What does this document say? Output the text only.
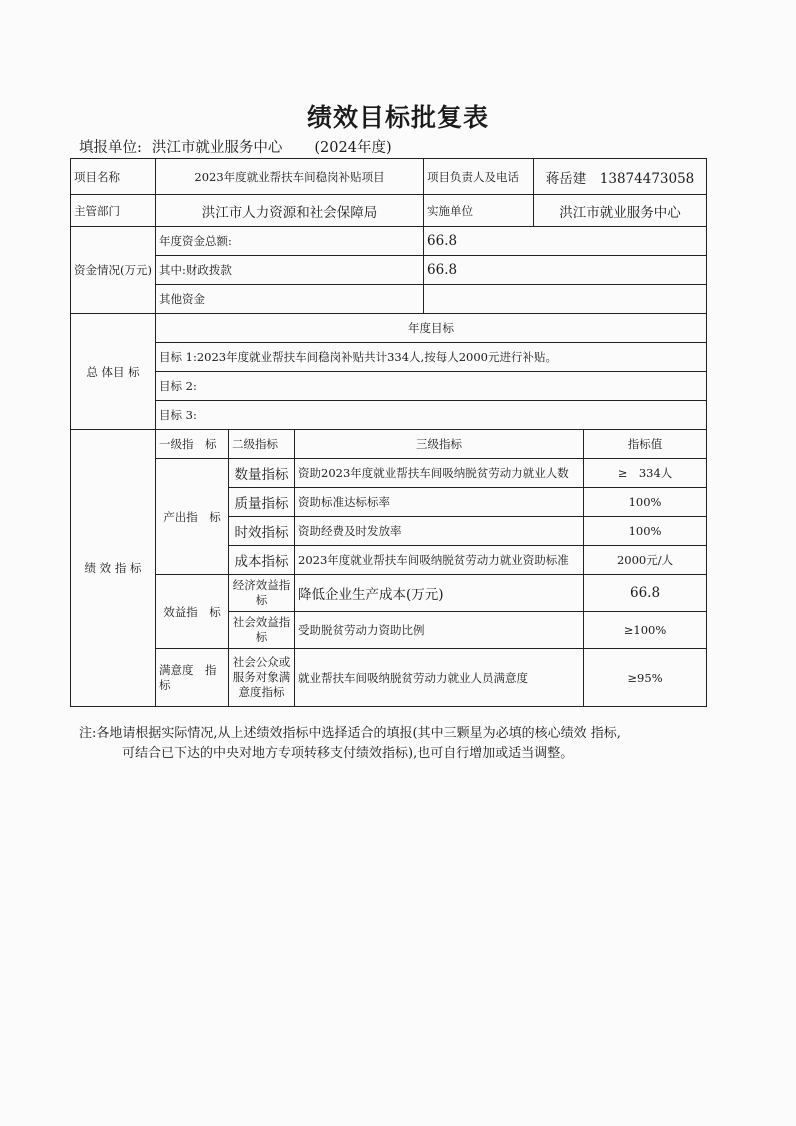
绩效目标批复表
填报单位: 洪江市就业服务中心 (2024年度)
项目名称	2023年度就业帮扶车间稳岗补贴项目			项目负责人及电话	蒋岳建　13874473058	
主管部门	洪江市人力资源和社会保障局			实施单位	洪江市就业服务中心	
资金情况(万元)	年度资金总额:			66.8		
	其中:财政拨款			66.8		
	其他资金					
总 体目 标	年度目标					
	目标 1:2023年度就业帮扶车间稳岗补贴共计334人,按每人2000元进行补贴。					
	目标 2:					
	目标 3:					
绩 效 指 标	一级指　标	二级指标	三级指标			指标值
	产出指　标	数量指标	资助2023年度就业帮扶车间吸纳脱贫劳动力就业人数			≥　334人
		质量指标	资助标准达标标率			100%
		时效指标	资助经费及时发放率			100%
		成本指标	2023年度就业帮扶车间吸纳脱贫劳动力就业资助标准			2000元/人
	效益指　标	经济效益指标	降低企业生产成本(万元)			66.8
		社会效益指标	受助脱贫劳动力资助比例			≥100%
	满意度　指标	社会公众或服务对象满意度指标	就业帮扶车间吸纳脱贫劳动力就业人员满意度			≥95%
注:各地请根据实际情况,从上述绩效指标中选择适合的填报(其中三颗星为必填的核心绩效 指标,
可结合已下达的中央对地方专项转移支付绩效指标),也可自行增加或适当调整。
